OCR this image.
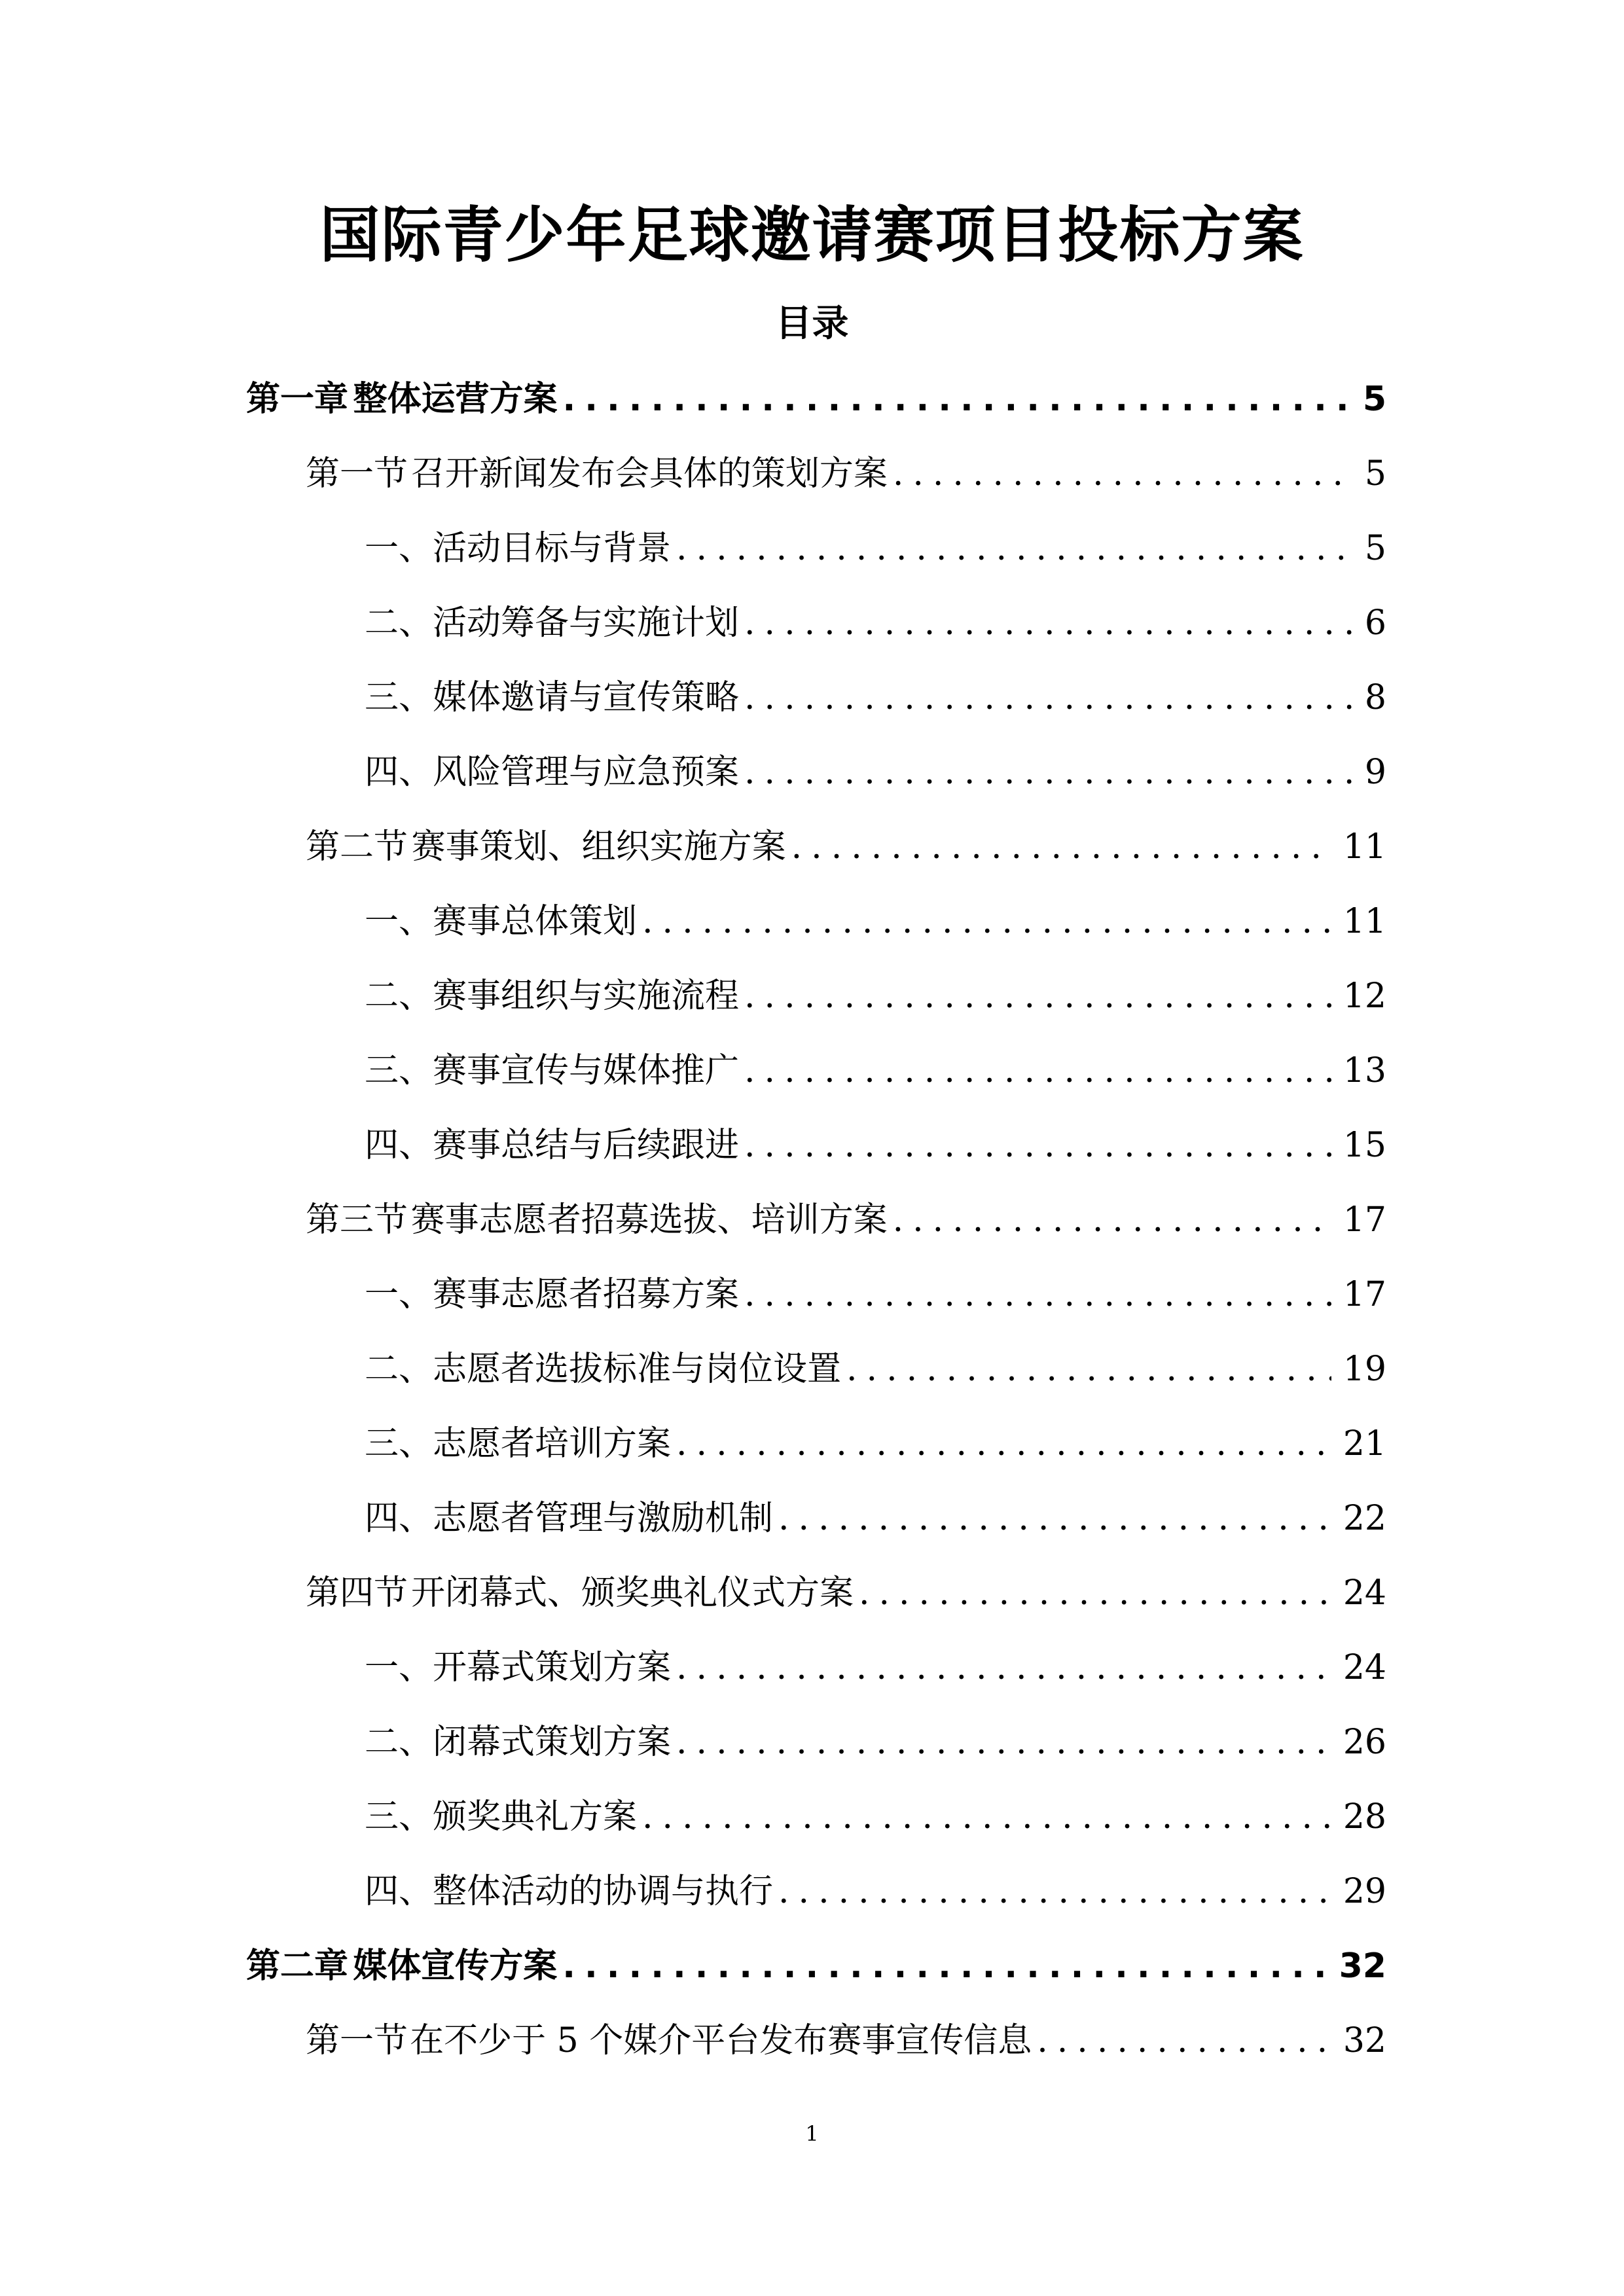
国际青少年足球邀请赛项目投标方案
目录
第一章 整体运营方案 .....	5
第一节 召开新闻发布会具体的策划方案 .....	5
一、 活动目标与背景 .....	5
二、 活动筹备与实施计划 .....	6
三、 媒体邀请与宣传策略 .....	8
四、 风险管理与应急预案 .....	9
第二节 赛事策划、组织实施方案 .....	11
一、 赛事总体策划 .....	11
二、 赛事组织与实施流程 .....	12
三、 赛事宣传与媒体推广 .....	13
四、 赛事总结与后续跟进 .....	15
第三节 赛事志愿者招募选拔、培训方案 .....	17
一、 赛事志愿者招募方案 .....	17
二、 志愿者选拔标准与岗位设置 .....	19
三、 志愿者培训方案 .....	21
四、 志愿者管理与激励机制 .....	22
第四节 开闭幕式、颁奖典礼仪式方案 .....	24
一、 开幕式策划方案 .....	24
二、 闭幕式策划方案 .....	26
三、 颁奖典礼方案 .....	28
四、 整体活动的协调与执行 .....	29
第二章 媒体宣传方案 .....	32
第一节 在不少于 5 个媒介平台发布赛事宣传信息 .....	32
1
